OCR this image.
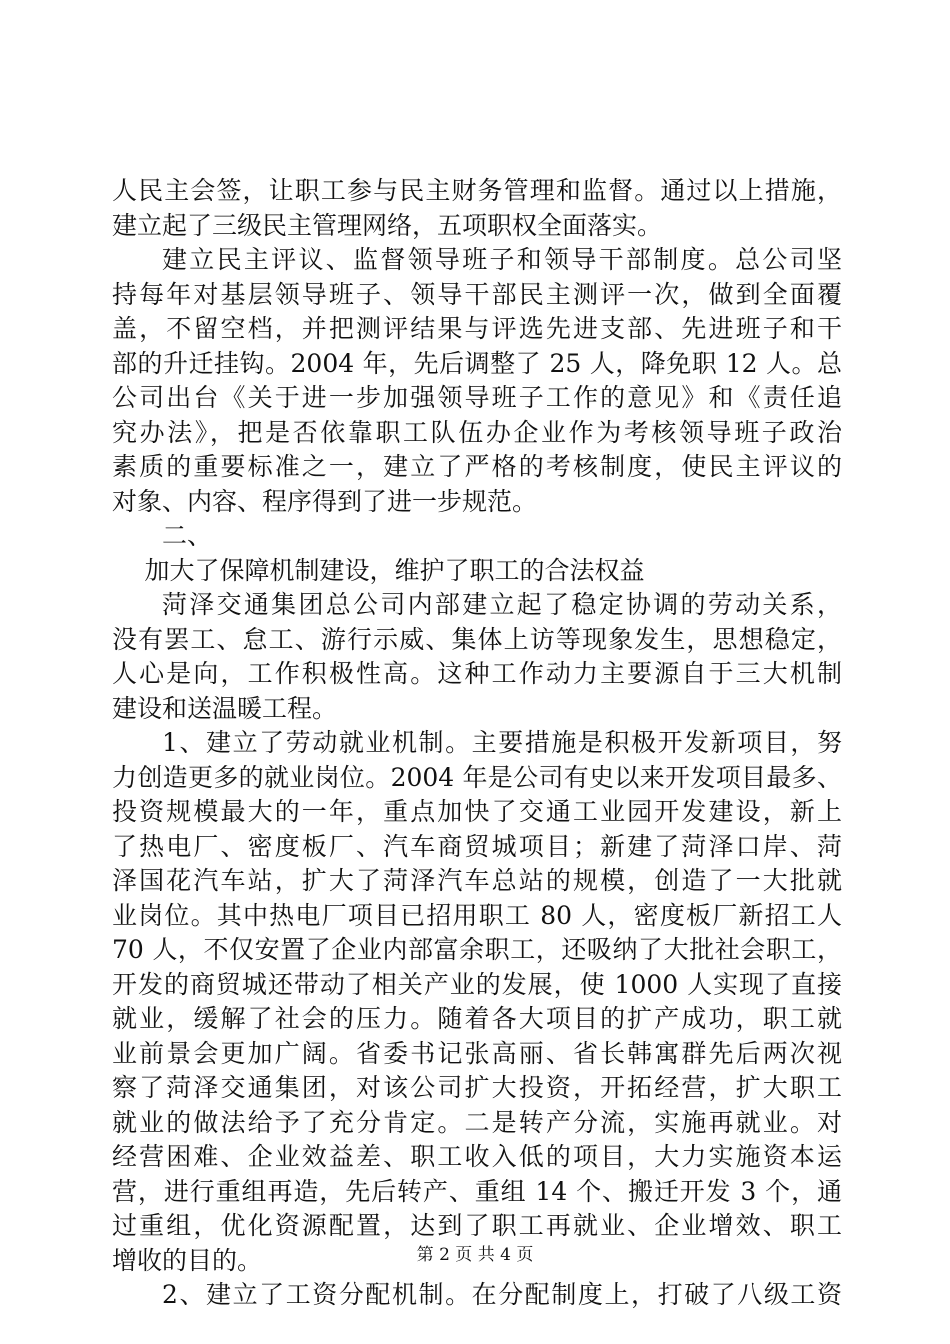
人民主会签，让职工参与民主财务管理和监督。通过以上措施，
建立起了三级民主管理网络，五项职权全面落实。
建立民主评议、监督领导班子和领导干部制度。总公司坚
持每年对基层领导班子、领导干部民主测评一次，做到全面覆
盖，不留空档，并把测评结果与评选先进支部、先进班子和干
部的升迁挂钩。2004 年，先后调整了 25 人，降免职 12 人。总
公司出台《关于进一步加强领导班子工作的意见》和《责任追
究办法》，把是否依靠职工队伍办企业作为考核领导班子政治
素质的重要标准之一，建立了严格的考核制度，使民主评议的
对象、内容、程序得到了进一步规范。
二、
加大了保障机制建设，维护了职工的合法权益
菏泽交通集团总公司内部建立起了稳定协调的劳动关系，
没有罢工、怠工、游行示威、集体上访等现象发生，思想稳定，
人心是向，工作积极性高。这种工作动力主要源自于三大机制
建设和送温暖工程。
1、建立了劳动就业机制。主要措施是积极开发新项目，努
力创造更多的就业岗位。2004 年是公司有史以来开发项目最多、
投资规模最大的一年，重点加快了交通工业园开发建设，新上
了热电厂、密度板厂、汽车商贸城项目；新建了菏泽口岸、菏
泽国花汽车站，扩大了菏泽汽车总站的规模，创造了一大批就
业岗位。其中热电厂项目已招用职工 80 人，密度板厂新招工人
70 人，不仅安置了企业内部富余职工，还吸纳了大批社会职工，
开发的商贸城还带动了相关产业的发展，使 1000 人实现了直接
就业，缓解了社会的压力。随着各大项目的扩产成功，职工就
业前景会更加广阔。省委书记张高丽、省长韩寓群先后两次视
察了菏泽交通集团，对该公司扩大投资，开拓经营，扩大职工
就业的做法给予了充分肯定。二是转产分流，实施再就业。对
经营困难、企业效益差、职工收入低的项目，大力实施资本运
营，进行重组再造，先后转产、重组 14 个、搬迁开发 3 个，通
过重组，优化资源配置，达到了职工再就业、企业增效、职工
增收的目的。
2、建立了工资分配机制。在分配制度上，打破了八级工资
第 2 页 共 4 页
